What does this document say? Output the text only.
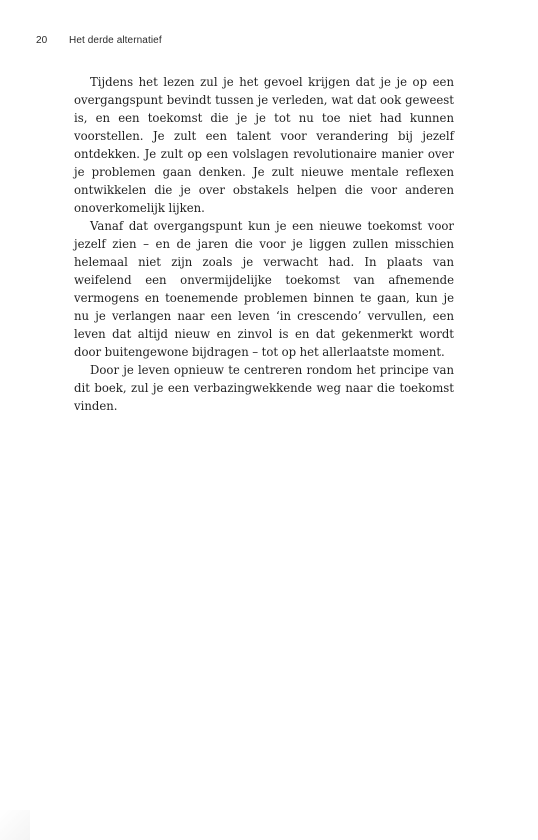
20 Het derde alternatief

Tijdens het lezen zul je het gevoel krijgen dat je je op een overgangspunt bevindt tussen je verleden, wat dat ook geweest is, en een toekomst die je je tot nu toe niet had kunnen voorstellen. Je zult een talent voor verandering bij jezelf ontdekken. Je zult op een volslagen revolutionaire manier over je problemen gaan denken. Je zult nieuwe mentale reflexen ontwikkelen die je over obstakels helpen die voor anderen onoverkomelijk lijken.

Vanaf dat overgangspunt kun je een nieuwe toekomst voor jezelf zien – en de jaren die voor je liggen zullen misschien helemaal niet zijn zoals je verwacht had. In plaats van weifelend een onvermijdelijke toekomst van afnemende vermogens en toenemende problemen binnen te gaan, kun je nu je verlangen naar een leven ‘in crescendo’ vervullen, een leven dat altijd nieuw en zinvol is en dat gekenmerkt wordt door buitengewone bijdragen – tot op het allerlaatste moment.

Door je leven opnieuw te centreren rondom het principe van dit boek, zul je een verbazingwekkende weg naar die toekomst vinden.
